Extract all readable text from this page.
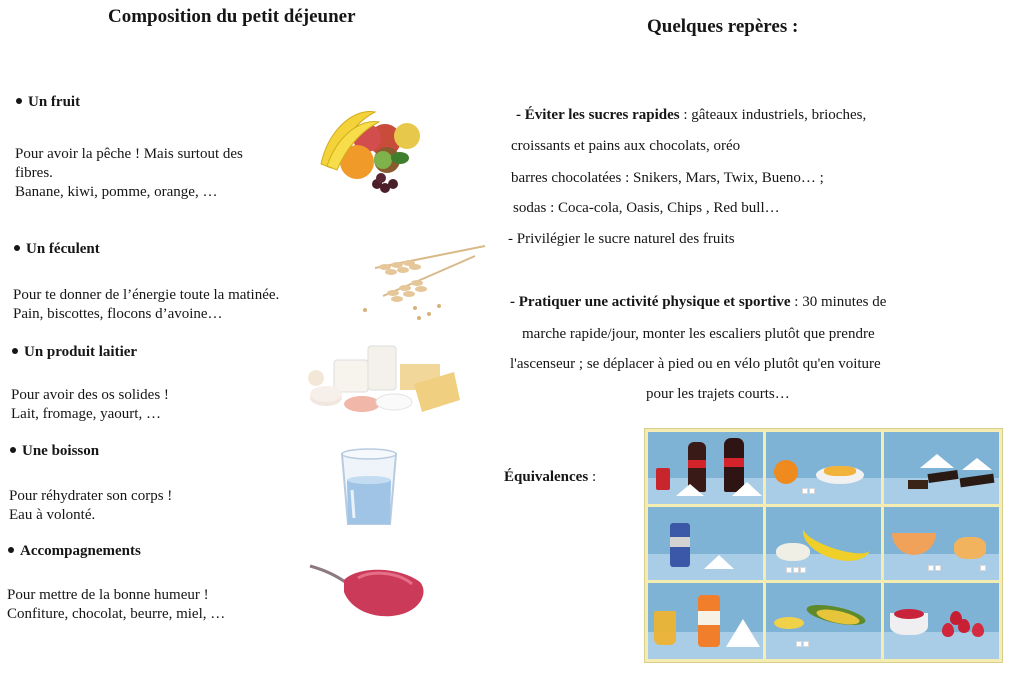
Composition du petit déjeuner
Un fruit
Pour avoir la pêche ! Mais surtout des
fibres.
Banane, kiwi, pomme, orange, …
Un féculent
Pour te donner de l’énergie toute la matinée.
Pain, biscottes, flocons d’avoine…
Un produit laitier
Pour avoir des os solides !
Lait, fromage, yaourt, …
Une boisson
Pour réhydrater son corps !
Eau à volonté.
Accompagnements
Pour mettre de la bonne humeur !
Confiture, chocolat, beurre, miel, …
Quelques repères :
- Éviter les sucres rapides : gâteaux industriels, brioches,
croissants et pains aux chocolats, oréo
barres chocolatées : Snikers, Mars, Twix, Bueno… ;
sodas : Coca-cola, Oasis, Chips , Red bull…
- Privilégier le sucre naturel des fruits
- Pratiquer une activité physique et sportive : 30 minutes de
marche rapide/jour, monter les escaliers plutôt que prendre
l'ascenseur ; se déplacer à pied ou en vélo plutôt qu'en voiture
pour les trajets courts…
Équivalences :
